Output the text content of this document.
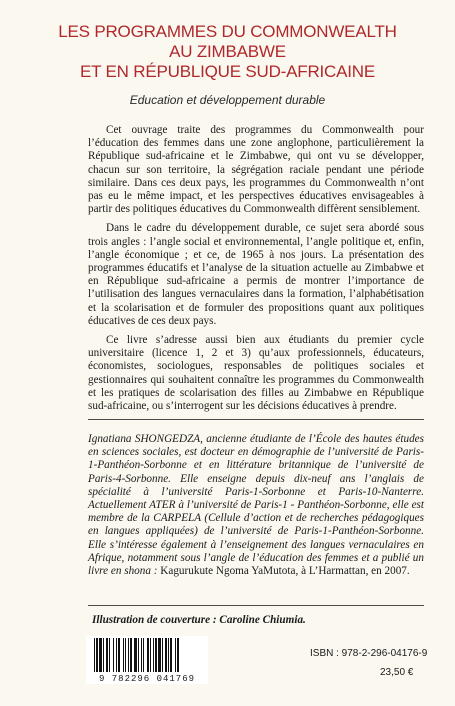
LES PROGRAMMES DU COMMONWEALTH
AU ZIMBABWE
ET EN RÉPUBLIQUE SUD-AFRICAINE
Education et développement durable

Cet ouvrage traite des programmes du Commonwealth pour l’éducation des femmes dans une zone anglophone, particulièrement la République sud-africaine et le Zimbabwe, qui ont vu se développer, chacun sur son territoire, la ségrégation raciale pendant une période similaire. Dans ces deux pays, les programmes du Commonwealth n’ont pas eu le même impact, et les perspectives éducatives envisageables à partir des politiques éducatives du Commonwealth diffèrent sensiblement.

Dans le cadre du développement durable, ce sujet sera abordé sous trois angles : l’angle social et environnemental, l’angle politique et, enfin, l’angle économique ; et ce, de 1965 à nos jours. La présentation des programmes éducatifs et l’analyse de la situation actuelle au Zimbabwe et en République sud-africaine a permis de montrer l’importance de l’utilisation des langues vernaculaires dans la formation, l’alphabétisation et la scolarisation et de formuler des propositions quant aux politiques éducatives de ces deux pays.

Ce livre s’adresse aussi bien aux étudiants du premier cycle universitaire (licence 1, 2 et 3) qu’aux professionnels, éducateurs, économistes, sociologues, responsables de politiques sociales et gestionnaires qui souhaitent connaître les programmes du Commonwealth et les pratiques de scolarisation des filles au Zimbabwe en République sud-africaine, ou s’interrogent sur les décisions éducatives à prendre.

Ignatiana SHONGEDZA, ancienne étudiante de l’École des hautes études en sciences sociales, est docteur en démographie de l’université de Paris-1-Panthéon-Sorbonne et en littérature britannique de l’université de Paris-4-Sorbonne. Elle enseigne depuis dix-neuf ans l’anglais de spécialité à l’université Paris-1-Sorbonne et Paris-10-Nanterre. Actuellement ATER à l’université de Paris-1 - Panthéon-Sorbonne, elle est membre de la CARPELA (Cellule d’action et de recherches pédagogiques en langues appliquées) de l’université de Paris-1-Panthéon-Sorbonne. Elle s’intéresse également à l’enseignement des langues vernaculaires en Afrique, notamment sous l’angle de l’éducation des femmes et a publié un livre en shona : Kagurukute Ngoma YaMutota, à L’Harmattan, en 2007.
Illustration de couverture : Caroline Chiumia.
9 782296 041769
ISBN : 978-2-296-04176-9
23,50 €
